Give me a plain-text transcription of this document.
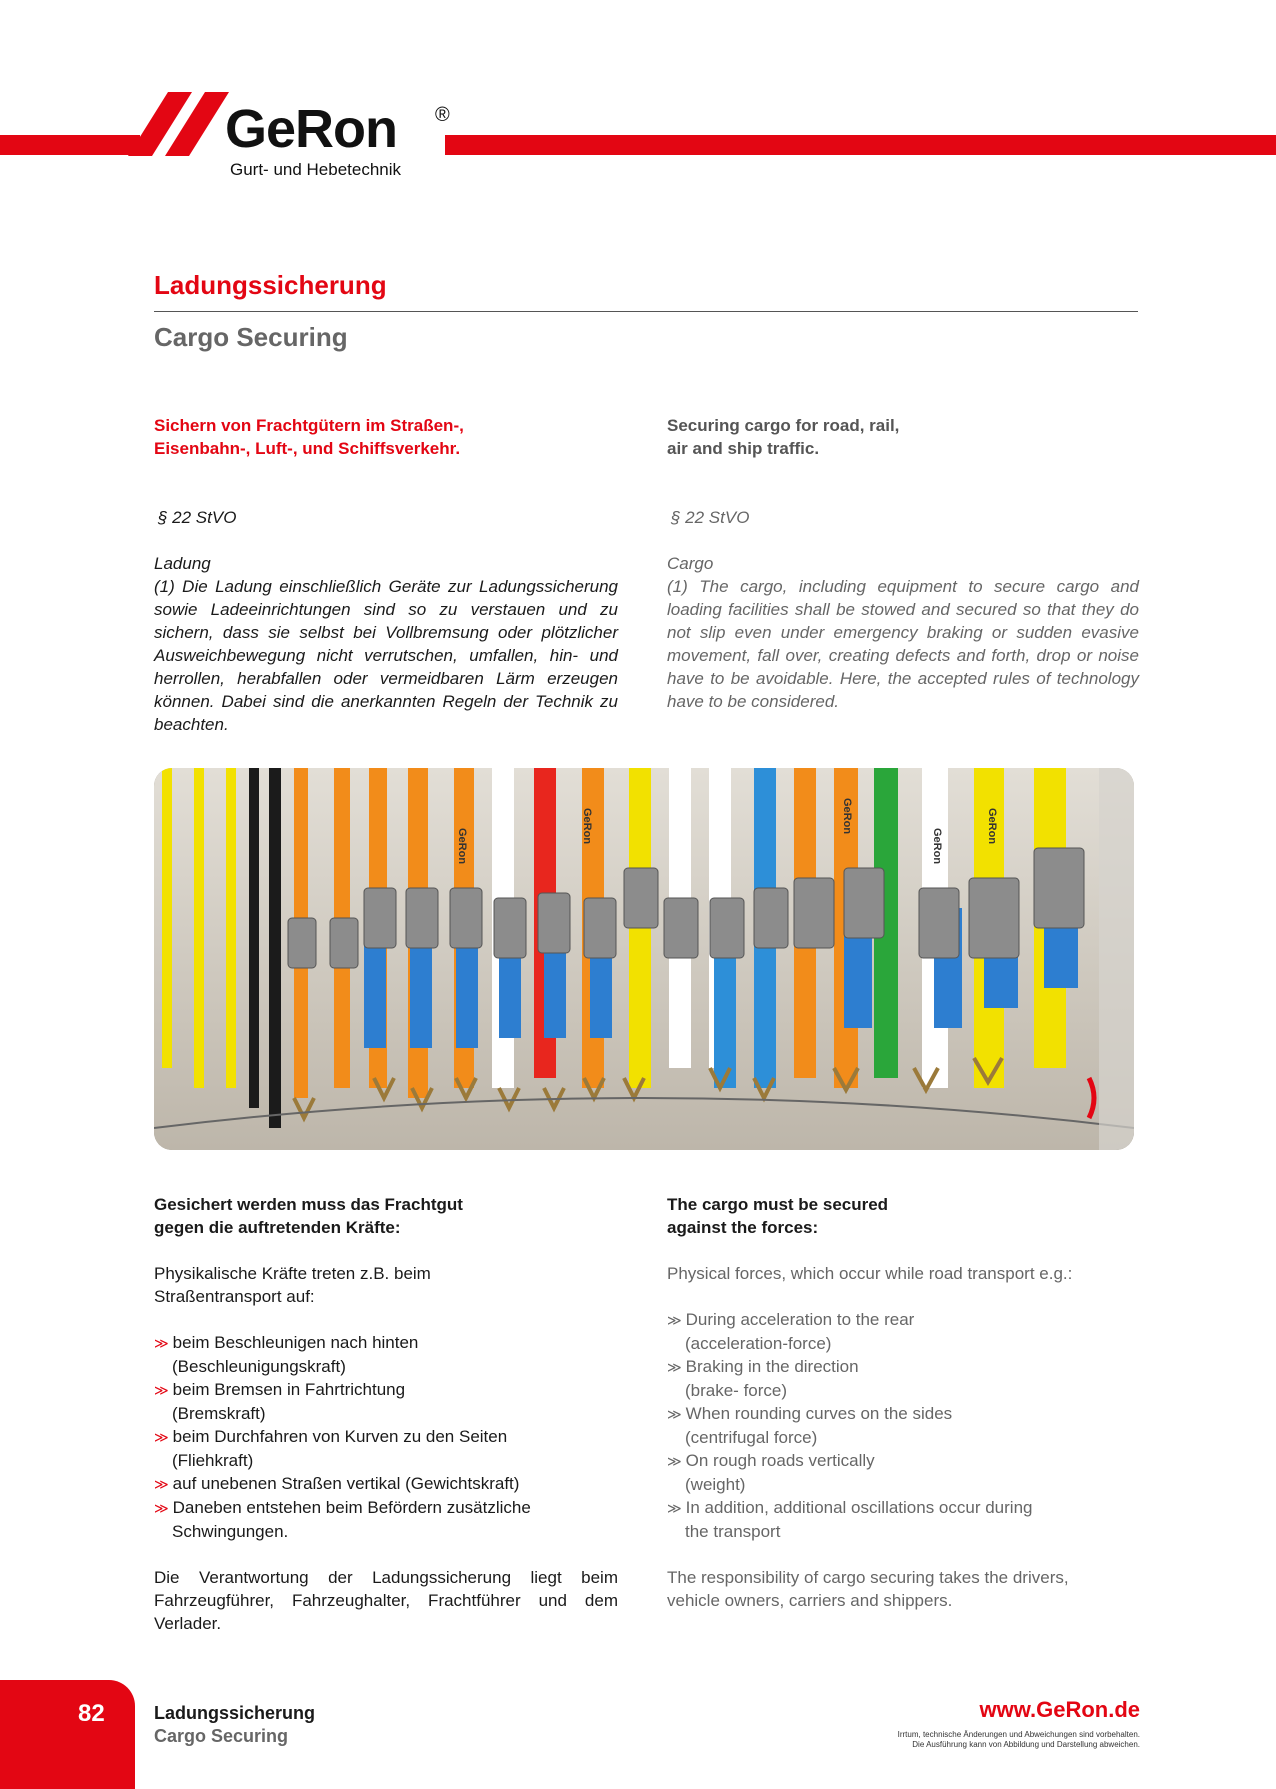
GeRon ®
Gurt- und Hebetechnik
Ladungssicherung
Cargo Securing
Sichern von Frachtgütern im Straßen-,
Eisenbahn-, Luft-, und Schiffsverkehr.
Securing cargo for road, rail,
air and ship traffic.
§ 22 StVO	§ 22 StVO
Ladung
(1) Die Ladung einschließlich Geräte zur Ladungssicherung sowie Ladeeinrichtungen sind so zu verstauen und zu sichern, dass sie selbst bei Vollbremsung oder plötzlicher Ausweichbewegung nicht verrutschen, umfallen, hin- und herrollen, herabfallen oder vermeidbaren Lärm erzeugen können. Dabei sind die anerkannten Regeln der Technik zu beachten.
Cargo
(1) The cargo, including equipment to secure cargo and loading facilities shall be stowed and secured so that they do not slip even under emergency braking or sudden evasive movement, fall over, creating defects and forth, drop or noise have to be avoidable. Here, the accepted rules of technology have to be considered.
GeRon
GeRon	GeRon
GeRon
GeRon
Gesichert werden muss das Frachtgut
gegen die auftretenden Kräfte:
Physikalische Kräfte treten z.B. beim
Straßentransport auf:
≫ beim Beschleunigen nach hinten
(Beschleunigungskraft)
≫ beim Bremsen in Fahrtrichtung
(Bremskraft)
≫ beim Durchfahren von Kurven zu den Seiten
(Fliehkraft)
≫ auf unebenen Straßen vertikal (Gewichtskraft)
≫ Daneben entstehen beim Befördern zusätzliche
Schwingungen.
Die Verantwortung der Ladungssicherung liegt beim Fahrzeugführer, Fahrzeughalter, Frachtführer und dem Verlader.
The cargo must be secured
against the forces:
Physical forces, which occur while road transport e.g.:
≫ During acceleration to the rear
(acceleration-force)
≫ Braking in the direction
(brake- force)
≫ When rounding curves on the sides
(centrifugal force)
≫ On rough roads vertically
(weight)
≫ In addition, additional oscillations occur during
the transport
The responsibility of cargo securing takes the drivers,
vehicle owners, carriers and shippers.
82	Ladungssicherung
Cargo Securing
www.GeRon.de
Irrtum, technische Änderungen und Abweichungen sind vorbehalten.
Die Ausführung kann von Abbildung und Darstellung abweichen.
